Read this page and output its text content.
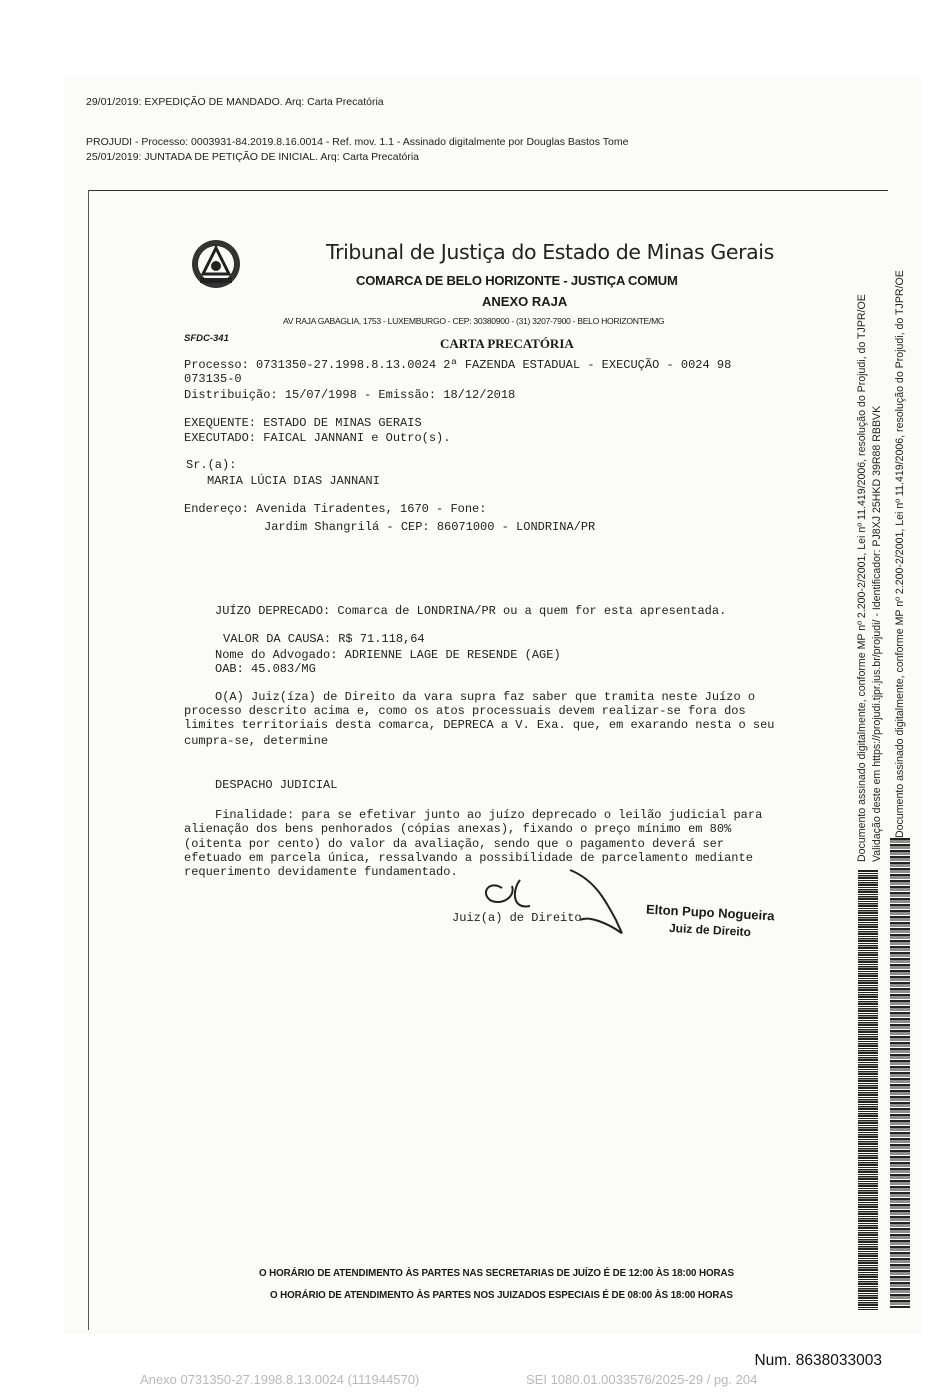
29/01/2019: EXPEDIÇÃO DE MANDADO. Arq: Carta Precatória
PROJUDI - Processo: 0003931-84.2019.8.16.0014 - Ref. mov. 1.1 - Assinado digitalmente por Douglas Bastos Tome
25/01/2019: JUNTADA DE PETIÇÃO DE INICIAL. Arq: Carta Precatória
Tribunal de Justiça do Estado de Minas Gerais
COMARCA DE BELO HORIZONTE - JUSTIÇA COMUM
ANEXO RAJA
AV RAJA GABAGLIA, 1753 - LUXEMBURGO - CEP: 30380900 - (31) 3207-7900 - BELO HORIZONTE/MG
SFDC-341	CARTA PRECATÓRIA
Processo: 0731350-27.1998.8.13.0024 2ª FAZENDA ESTADUAL - EXECUÇÃO - 0024 98
073135-0
Distribuição: 15/07/1998 - Emissão: 18/12/2018
EXEQUENTE: ESTADO DE MINAS GERAIS
EXECUTADO: FAICAL JANNANI e Outro(s).
Sr.(a):
MARIA LÚCIA DIAS JANNANI
Endereço: Avenida Tiradentes, 1670 - Fone:
Jardim Shangrilá - CEP: 86071000 - LONDRINA/PR
JUÍZO DEPRECADO: Comarca de LONDRINA/PR ou a quem for esta apresentada.
VALOR DA CAUSA: R$ 71.118,64
Nome do Advogado: ADRIENNE LAGE DE RESENDE (AGE)
OAB: 45.083/MG
O(A) Juiz(íza) de Direito da vara supra faz saber que tramita neste Juízo o
processo descrito acima e, como os atos processuais devem realizar-se fora dos
limites territoriais desta comarca, DEPRECA a V. Exa. que, em exarando nesta o seu
cumpra-se, determine
DESPACHO JUDICIAL
Finalidade: para se efetivar junto ao juízo deprecado o leilão judicial para
alienação dos bens penhorados (cópias anexas), fixando o preço mínimo em 80%
(oitenta por cento) do valor da avaliação, sendo que o pagamento deverá ser
efetuado em parcela única, ressalvando a possibilidade de parcelamento mediante
requerimento devidamente fundamentado.
Juiz(a) de Direito	Elton Pupo Nogueira
Juiz de Direito
O HORÁRIO DE ATENDIMENTO ÀS PARTES NAS SECRETARIAS DE JUÍZO É DE 12:00 ÀS 18:00 HORAS
O HORÁRIO DE ATENDIMENTO ÀS PARTES NOS JUIZADOS ESPECIAIS É DE 08:00 ÀS 18:00 HORAS
Documento assinado digitalmente, conforme MP nº 2.200-2/2001, Lei nº 11.419/2006, resolução do Projudi, do TJPR/OE Validação deste em https://projudi.tjpr.jus.br/projudi/ - Identificador: PJ8XJ 25HKD 39R88 RBBVK Documento assinado digitalmente, conforme MP nº 2.200-2/2001, Lei nº 11.419/2006, resolução do Projudi, do TJPR/OE
Num. 8638033003
Anexo 0731350-27.1998.8.13.0024 (111944570)	SEI 1080.01.0033576/2025-29 / pg. 204
